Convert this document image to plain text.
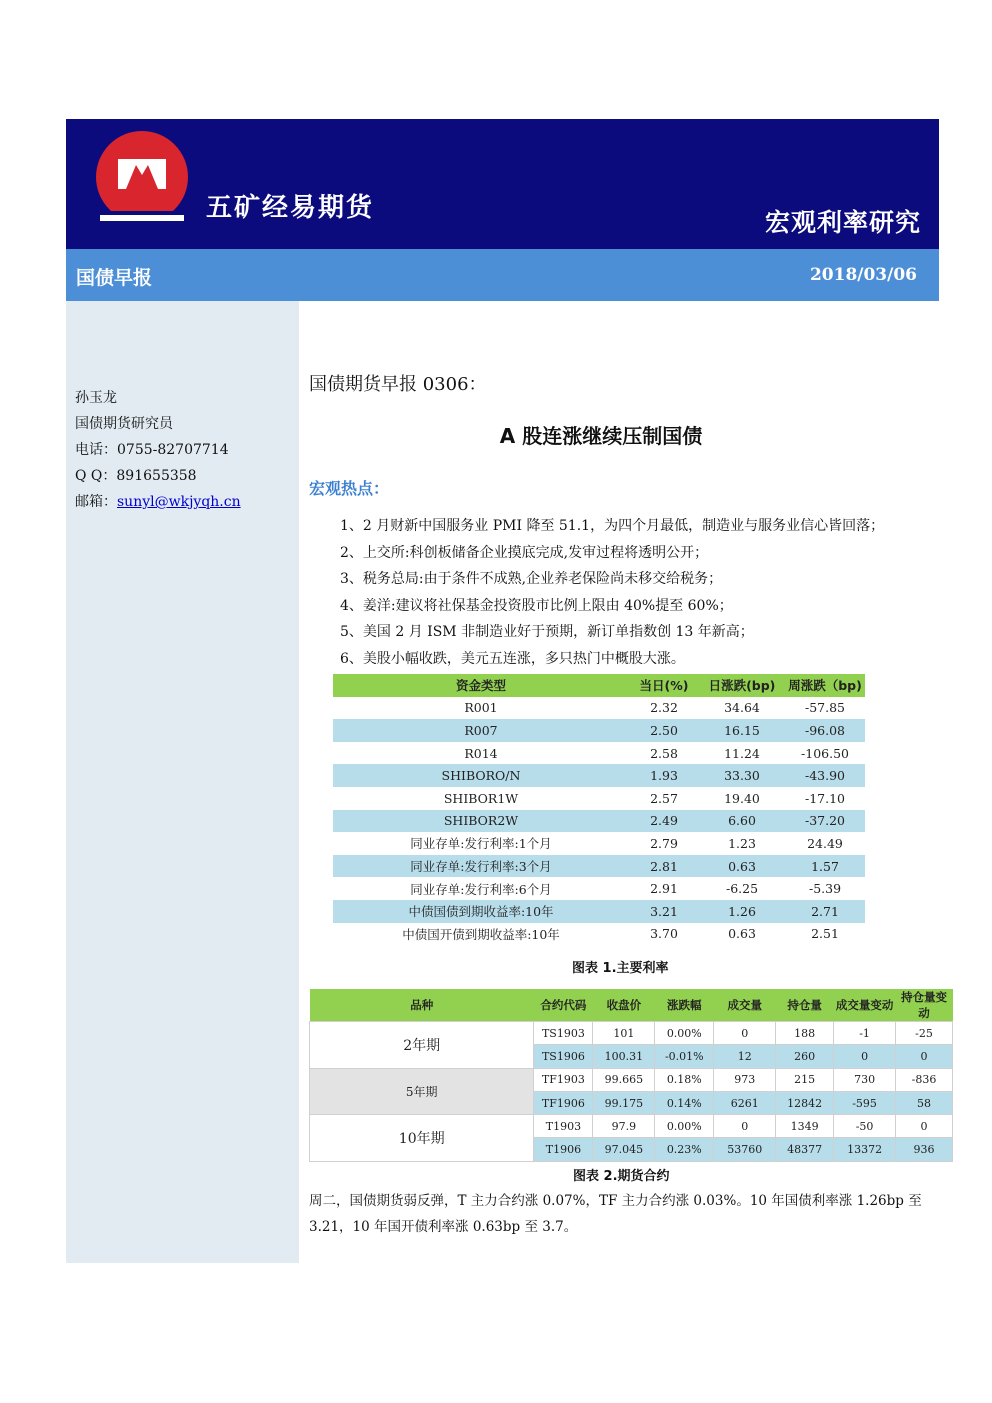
五矿经易期货	宏观利率研究
国债早报	2018/03/06
孙玉龙
国债期货研究员
电话：0755-82707714
Q Q：891655358
邮箱：sunyl@wkjyqh.cn
国债期货早报 0306：
A 股连涨继续压制国债
宏观热点：
1、2 月财新中国服务业 PMI 降至 51.1，为四个月最低，制造业与服务业信心皆回落；
2、上交所:科创板储备企业摸底完成,发审过程将透明公开；
3、税务总局:由于条件不成熟,企业养老保险尚未移交给税务；
4、姜洋:建议将社保基金投资股市比例上限由 40%提至 60%；
5、美国 2 月 ISM 非制造业好于预期，新订单指数创 13 年新高；
6、美股小幅收跌，美元五连涨，多只热门中概股大涨。
资金类型	当日(%)	日涨跌(bp)	周涨跌（bp)
R001	2.32	34.64	-57.85
R007	2.50	16.15	-96.08
R014	2.58	11.24	-106.50
SHIBORO/N	1.93	33.30	-43.90
SHIBOR1W	2.57	19.40	-17.10
SHIBOR2W	2.49	6.60	-37.20
同业存单:发行利率:1个月	2.79	1.23	24.49
同业存单:发行利率:3个月	2.81	0.63	1.57
同业存单:发行利率:6个月	2.91	-6.25	-5.39
中债国债到期收益率:10年	3.21	1.26	2.71
中债国开债到期收益率:10年	3.70	0.63	2.51
图表 1.主要利率
品种	合约代码	收盘价	涨跌幅	成交量	持仓量	成交量变动	持仓量变动
2年期	TS1903	101	0.00%	0	188	-1	-25
	TS1906	100.31	-0.01%	12	260	0	0
5年期	TF1903	99.665	0.18%	973	215	730	-836
	TF1906	99.175	0.14%	6261	12842	-595	58
10年期	T1903	97.9	0.00%	0	1349	-50	0
	T1906	97.045	0.23%	53760	48377	13372	936
图表 2.期货合约
周二，国债期货弱反弹，T 主力合约涨 0.07%，TF 主力合约涨 0.03%。10 年国债利率涨 1.26bp 至 3.21，10 年国开债利率涨 0.63bp 至 3.7。
